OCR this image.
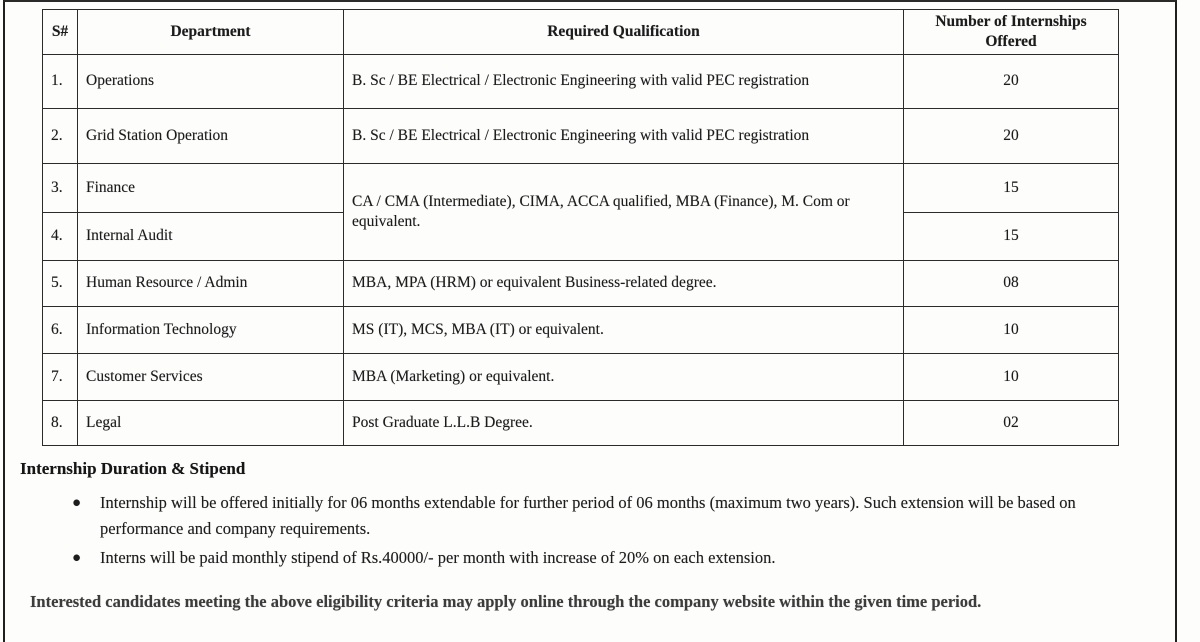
S#	Department	Required Qualification	Number of Internships Offered
1.	Operations	B. Sc / BE Electrical / Electronic Engineering with valid PEC registration	20
2.	Grid Station Operation	B. Sc / BE Electrical / Electronic Engineering with valid PEC registration	20
3.	Finance	CA / CMA (Intermediate), CIMA, ACCA qualified, MBA (Finance), M. Com or equivalent.	15
4.	Internal Audit		15
5.	Human Resource / Admin	MBA, MPA (HRM) or equivalent Business-related degree.	08
6.	Information Technology	MS (IT), MCS, MBA (IT) or equivalent.	10
7.	Customer Services	MBA (Marketing) or equivalent.	10
8.	Legal	Post Graduate L.L.B Degree.	02
Internship Duration & Stipend
● Internship will be offered initially for 06 months extendable for further period of 06 months (maximum two years). Such extension will be based on performance and company requirements.
● Interns will be paid monthly stipend of Rs.40000/- per month with increase of 20% on each extension.
Interested candidates meeting the above eligibility criteria may apply online through the company website within the given time period.
